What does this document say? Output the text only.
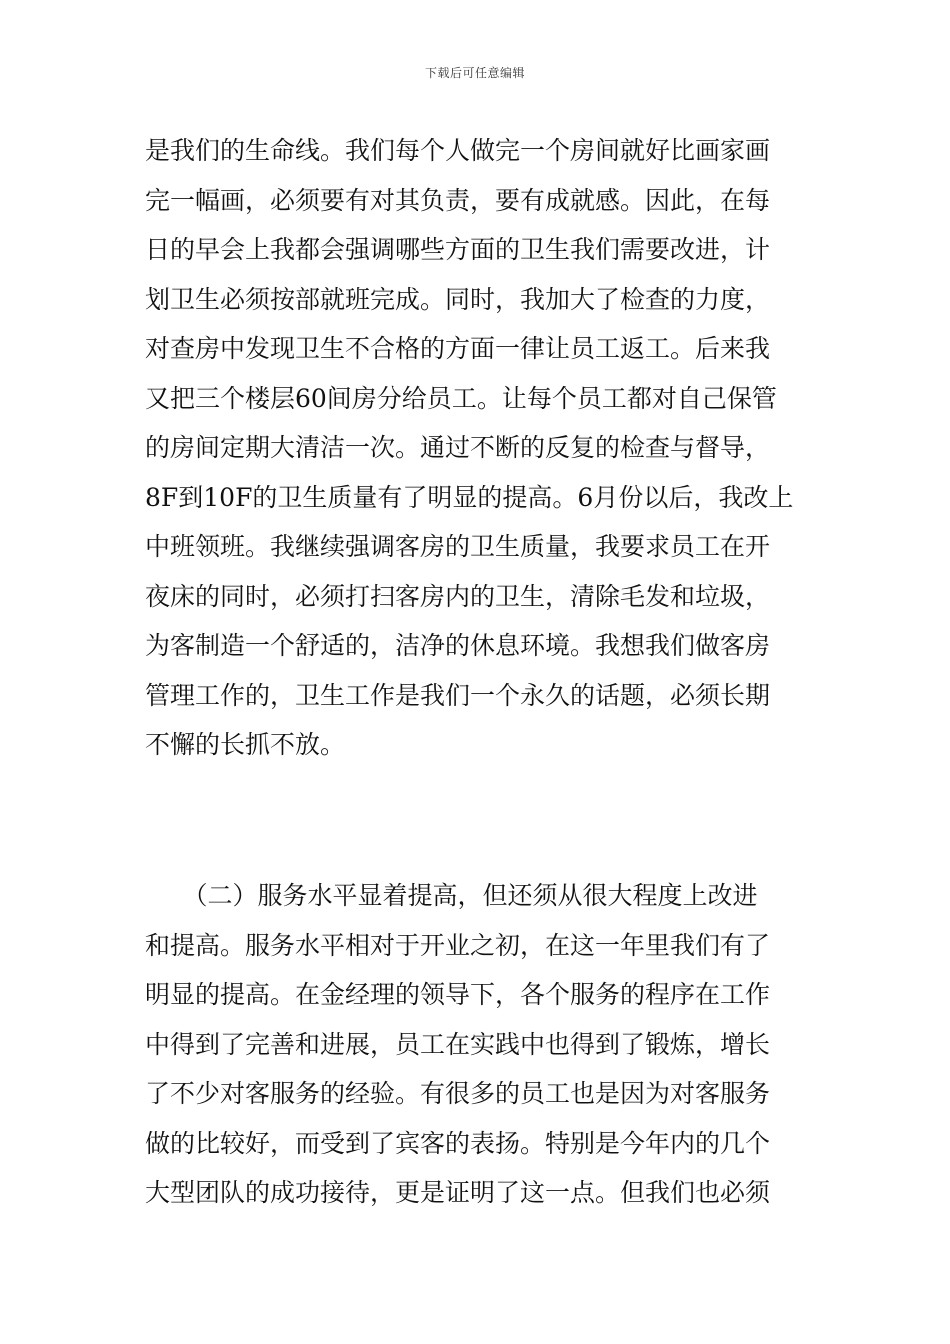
下载后可任意编辑
是我们的生命线。我们每个人做完一个房间就好比画家画
完一幅画，必须要有对其负责，要有成就感。因此，在每
日的早会上我都会强调哪些方面的卫生我们需要改进，计
划卫生必须按部就班完成。同时，我加大了检查的力度，
对查房中发现卫生不合格的方面一律让员工返工。后来我
又把三个楼层60间房分给员工。让每个员工都对自己保管
的房间定期大清洁一次。通过不断的反复的检查与督导，
8F到10F的卫生质量有了明显的提高。6月份以后，我改上
中班领班。我继续强调客房的卫生质量，我要求员工在开
夜床的同时，必须打扫客房内的卫生，清除毛发和垃圾，
为客制造一个舒适的，洁净的休息环境。我想我们做客房
管理工作的，卫生工作是我们一个永久的话题，必须长期
不懈的长抓不放。
　　（二）服务水平显着提高，但还须从很大程度上改进
和提高。服务水平相对于开业之初，在这一年里我们有了
明显的提高。在金经理的领导下，各个服务的程序在工作
中得到了完善和进展，员工在实践中也得到了锻炼，增长
了不少对客服务的经验。有很多的员工也是因为对客服务
做的比较好，而受到了宾客的表扬。特别是今年内的几个
大型团队的成功接待，更是证明了这一点。但我们也必须
